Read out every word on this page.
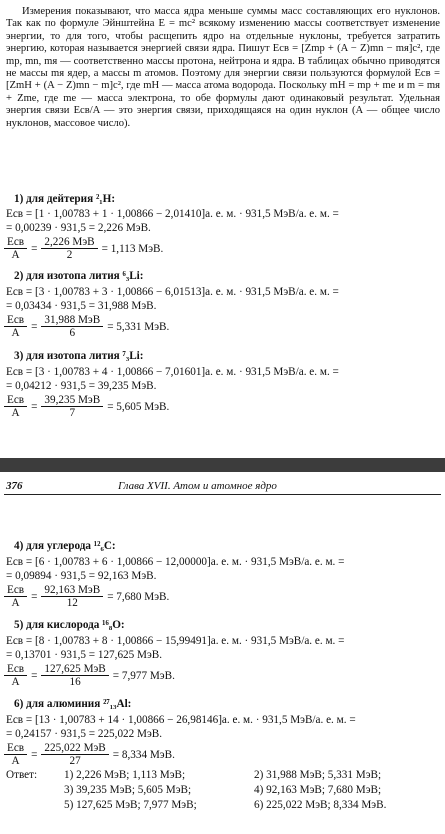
Измерения показывают, что масса ядра меньше суммы масс составляющих его нуклонов. Так как по формуле Эйнштейна E = mc² всякому изменению массы соответствует изменение энергии, то для того, чтобы расщепить ядро на отдельные нуклоны, требуется затратить энергию, которая называется энергией связи ядра. Пишут Eсв = [Zmp + (A − Z)mn − mя]c², где mp, mn, mя — соответственно массы протона, нейтрона и ядра. В таблицах обычно приводятся не массы mя ядер, а массы m атомов. Поэтому для энергии связи пользуются формулой Eсв = [ZmH + (A − Z)mn − m]c², где mH — масса атома водорода. Поскольку mH = mp + me и m = mя + Zme, где me — масса электрона, то обе формулы дают одинаковый результат. Удельная энергия связи Eсв/A — это энергия связи, приходящаяся на один нуклон (A — общее число нуклонов, массовое число).

1) для дейтерия ²₁H:
Eсв = [1 · 1,00783 + 1 · 1,00866 − 2,01410]а. е. м. · 931,5 МэВ/а. е. м. =
= 0,00239 · 931,5 = 2,226 МэВ.
$\frac{\text{Eсв}}{A} = \frac{\text{2,226 МэВ}}{2} = 1,113$ МэВ.
2) для изотопа лития ⁶₃Li:
Eсв = [3 · 1,00783 + 3 · 1,00866 − 6,01513]а. е. м. · 931,5 МэВ/а. е. м. =
= 0,03434 · 931,5 = 31,988 МэВ.
$\frac{\text{Eсв}}{A} = \frac{\text{31,988 МэВ}}{6} = 5,331$ МэВ.
3) для изотопа лития ⁷₃Li:
Eсв = [3 · 1,00783 + 4 · 1,00866 − 7,01601]а. е. м. · 931,5 МэВ/а. е. м. =
= 0,04212 · 931,5 = 39,235 МэВ.
$\frac{\text{Eсв}}{A} = \frac{\text{39,235 МэВ}}{7} = 5,605$ МэВ.
376	Глава XVII. Атом и атомное ядро
4) для углерода ¹²₆C:
Eсв = [6 · 1,00783 + 6 · 1,00866 − 12,00000]а. е. м. · 931,5 МэВ/а. е. м. =
= 0,09894 · 931,5 = 92,163 МэВ.
$\frac{\text{Eсв}}{A} = \frac{\text{92,163 МэВ}}{12} = 7,680$ МэВ.
5) для кислорода ¹⁶₈O:
Eсв = [8 · 1,00783 + 8 · 1,00866 − 15,99491]а. е. м. · 931,5 МэВ/а. е. м. =
= 0,13701 · 931,5 = 127,625 МэВ.
$\frac{\text{Eсв}}{A} = \frac{\text{127,625 МэВ}}{16} = 7,977$ МэВ.
6) для алюминия ²⁷₁₃Al:
Eсв = [13 · 1,00783 + 14 · 1,00866 − 26,98146]а. е. м. · 931,5 МэВ/а. е. м. =
= 0,24157 · 931,5 = 225,022 МэВ.
$\frac{\text{Eсв}}{A} = \frac{\text{225,022 МэВ}}{27} = 8,334$ МэВ.
Ответ: 1) 2,226 МэВ; 1,113 МэВ;	2) 31,988 МэВ; 5,331 МэВ;
3) 39,235 МэВ; 5,605 МэВ;	4) 92,163 МэВ; 7,680 МэВ;
5) 127,625 МэВ; 7,977 МэВ;	6) 225,022 МэВ; 8,334 МэВ.
